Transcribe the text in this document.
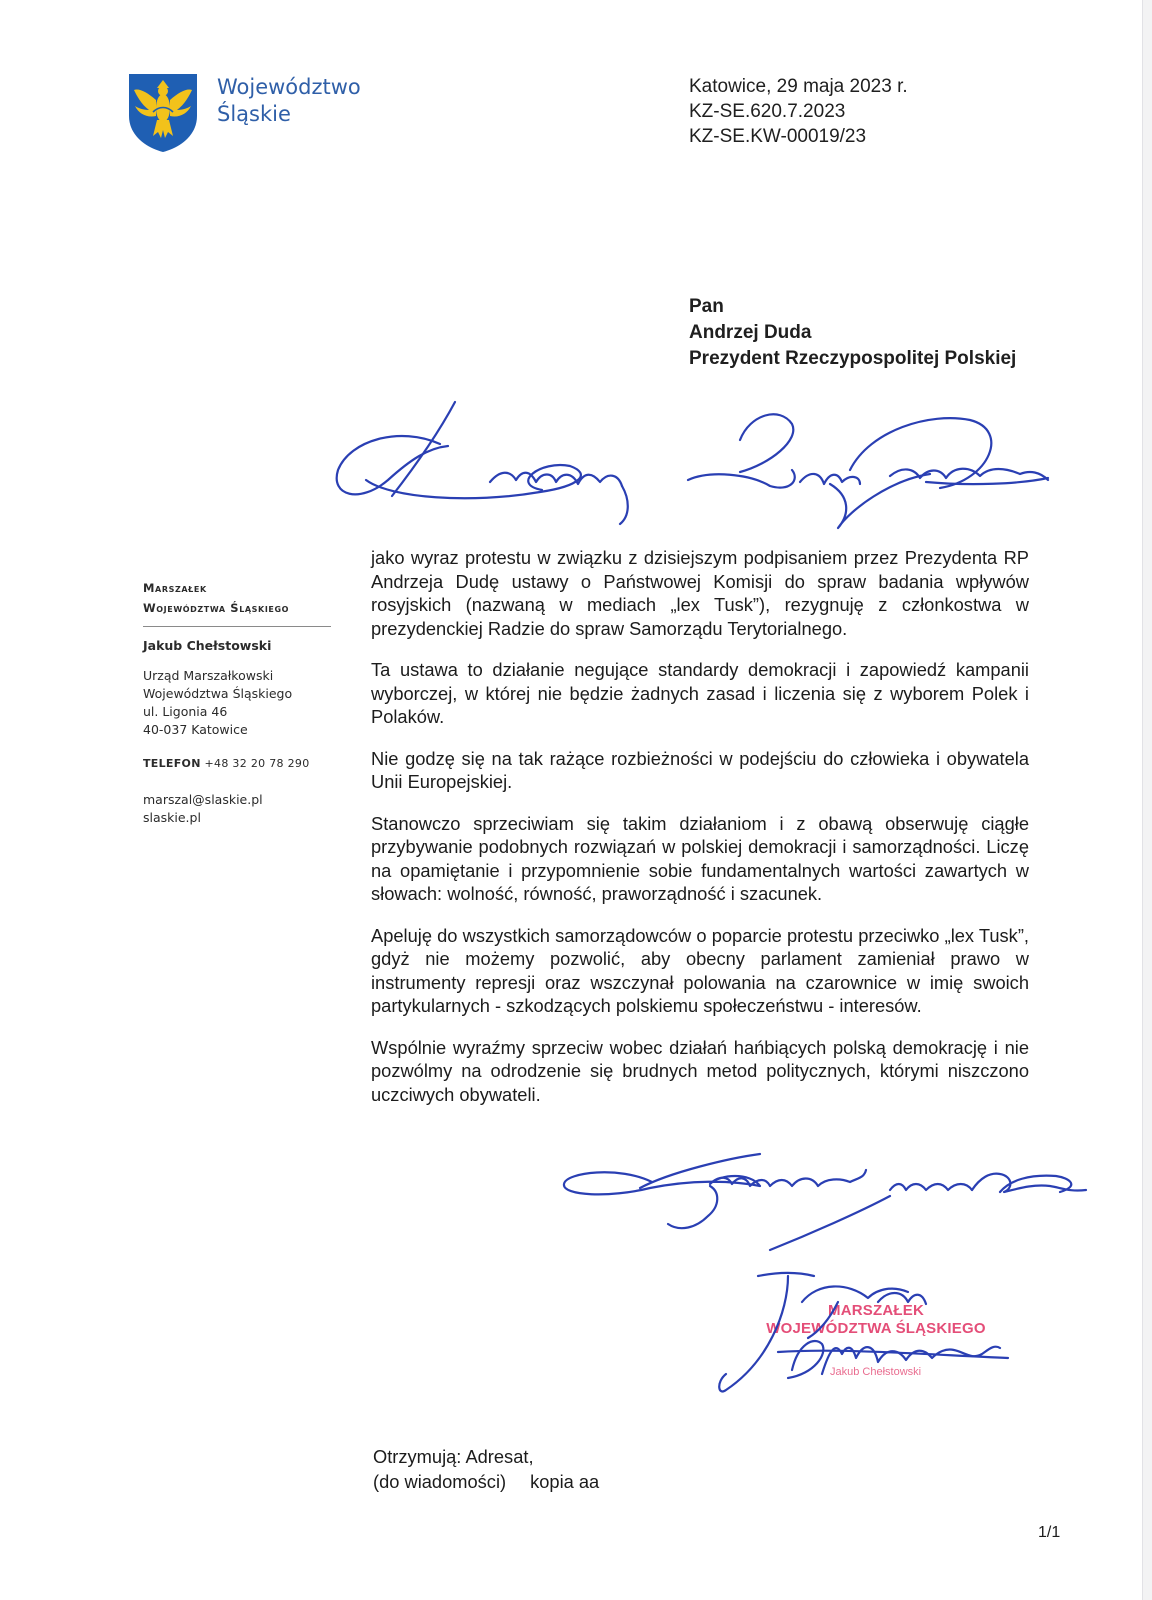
Województwo
Śląskie
Katowice, 29 maja 2023 r.
KZ-SE.620.7.2023
KZ-SE.KW-00019/23
Pan
Andrzej Duda
Prezydent Rzeczypospolitej Polskiej
Marszałek
Województwa Śląskiego
Jakub Chełstowski
Urząd Marszałkowski
Województwa Śląskiego
ul. Ligonia 46
40-037 Katowice
TELEFON +48 32 20 78 290
marszal@slaskie.pl
slaskie.pl

jako wyraz protestu w związku z dzisiejszym podpisaniem przez Prezydenta RP Andrzeja Dudę ustawy o Państwowej Komisji do spraw badania wpływów rosyjskich (nazwaną w mediach „lex Tusk”), rezygnuję z członkostwa w prezydenckiej Radzie do spraw Samorządu Terytorialnego.

Ta ustawa to działanie negujące standardy demokracji i zapowiedź kampanii wyborczej, w której nie będzie żadnych zasad i liczenia się z wyborem Polek i Polaków.

Nie godzę się na tak rażące rozbieżności w podejściu do człowieka i obywatela Unii Europejskiej.

Stanowczo sprzeciwiam się takim działaniom i z obawą obserwuję ciągłe przybywanie podobnych rozwiązań w polskiej demokracji i samorządności. Liczę na opamiętanie i przypomnienie sobie fundamentalnych wartości zawartych w słowach: wolność, równość, praworządność i szacunek.

Apeluję do wszystkich samorządowców o poparcie protestu przeciwko „lex Tusk”, gdyż nie możemy pozwolić, aby obecny parlament zamieniał prawo w instrumenty represji oraz wszczynał polowania na czarownice w imię swoich partykularnych - szkodzących polskiemu społeczeństwu - interesów.

Wspólnie wyraźmy sprzeciw wobec działań hańbiących polską demokrację i nie pozwólmy na odrodzenie się brudnych metod politycznych, którymi niszczono uczciwych obywateli.

MARSZAŁEK
WOJEWÓDZTWA ŚLĄSKIEGO
Jakub Chełstowski
Otrzymują: Adresat,
(do wiadomości) kopia aa
1/1
